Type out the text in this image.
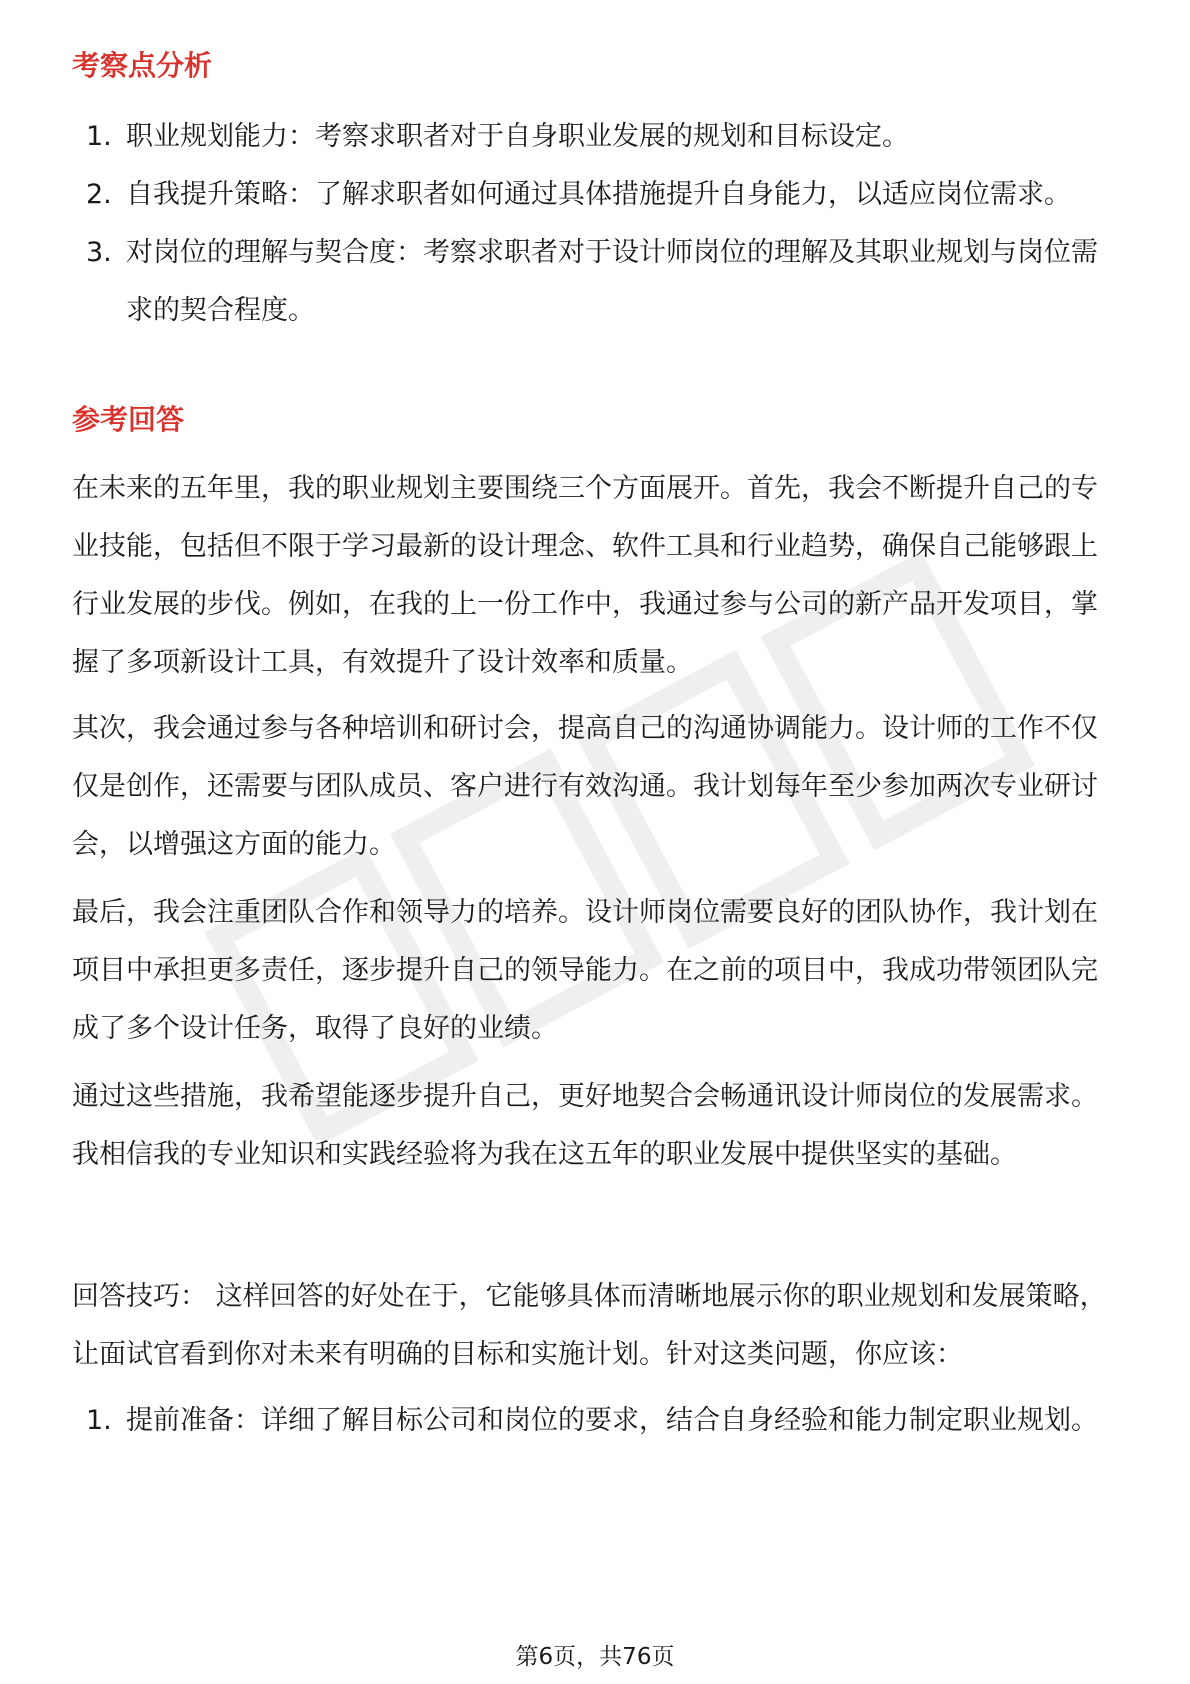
考察点分析
1. 职业规划能力：考察求职者对于自身职业发展的规划和目标设定。
2. 自我提升策略：了解求职者如何通过具体措施提升自身能力，以适应岗位需求。
3. 对岗位的理解与契合度：考察求职者对于设计师岗位的理解及其职业规划与岗位需求的契合程度。
参考回答

在未来的五年里，我的职业规划主要围绕三个方面展开。首先，我会不断提升自己的专业技能，包括但不限于学习最新的设计理念、软件工具和行业趋势，确保自己能够跟上行业发展的步伐。例如，在我的上一份工作中，我通过参与公司的新产品开发项目，掌握了多项新设计工具，有效提升了设计效率和质量。

其次，我会通过参与各种培训和研讨会，提高自己的沟通协调能力。设计师的工作不仅仅是创作，还需要与团队成员、客户进行有效沟通。我计划每年至少参加两次专业研讨会，以增强这方面的能力。

最后，我会注重团队合作和领导力的培养。设计师岗位需要良好的团队协作，我计划在项目中承担更多责任，逐步提升自己的领导能力。在之前的项目中，我成功带领团队完成了多个设计任务，取得了良好的业绩。

通过这些措施，我希望能逐步提升自己，更好地契合会畅通讯设计师岗位的发展需求。我相信我的专业知识和实践经验将为我在这五年的职业发展中提供坚实的基础。

回答技巧： 这样回答的好处在于，它能够具体而清晰地展示你的职业规划和发展策略，让面试官看到你对未来有明确的目标和实施计划。针对这类问题，你应该：

1. 提前准备：详细了解目标公司和岗位的要求，结合自身经验和能力制定职业规划。
第6页，共76页
